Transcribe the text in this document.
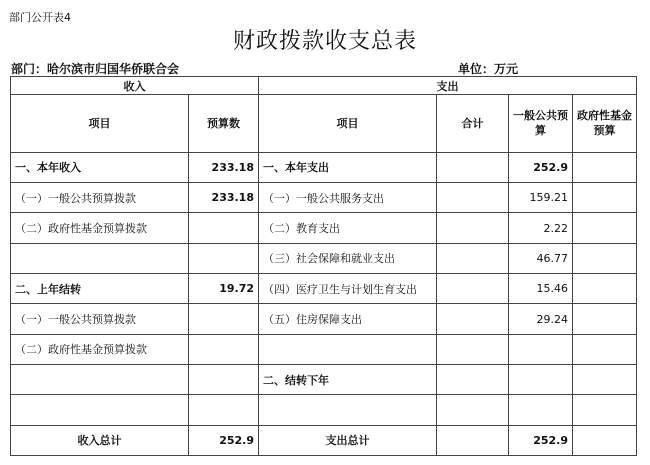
部门公开表4
财政拨款收支总表
部门：哈尔滨市归国华侨联合会	单位：万元
收入		支出			
项目	预算数	项目	合计	一般公共预算	政府性基金预算
一、本年收入	233.18	一、本年支出		252.9	
（一）一般公共预算拨款	233.18	（一）一般公共服务支出		159.21	
（二）政府性基金预算拨款		（二）教育支出		2.22	
		（三）社会保障和就业支出		46.77	
二、上年结转	19.72	（四）医疗卫生与计划生育支出		15.46	
（一）一般公共预算拨款		（五）住房保障支出		29.24	
（二）政府性基金预算拨款					
		二、结转下年			

收入总计	252.9	支出总计		252.9	
